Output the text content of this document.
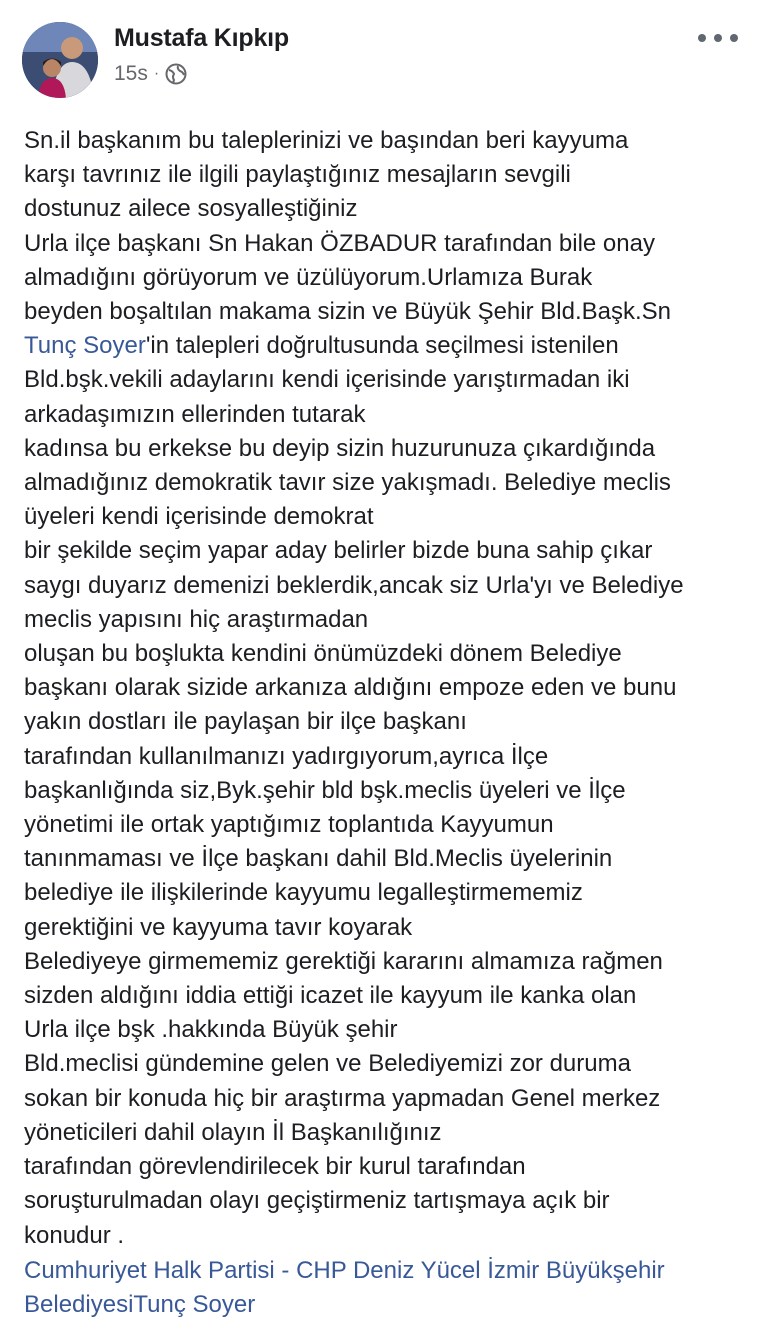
Mustafa Kıpkıp
15s ·
Sn.il başkanım bu taleplerinizi ve başından beri kayyuma
karşı tavrınız ile ilgili paylaştığınız mesajların sevgili
dostunuz ailece sosyalleştiğiniz
Urla ilçe başkanı Sn Hakan ÖZBADUR tarafından bile onay
almadığını görüyorum ve üzülüyorum.Urlamıza Burak
beyden boşaltılan makama sizin ve Büyük Şehir Bld.Başk.Sn
Tunç Soyer'in talepleri doğrultusunda seçilmesi istenilen
Bld.bşk.vekili adaylarını kendi içerisinde yarıştırmadan iki
arkadaşımızın ellerinden tutarak
kadınsa bu erkekse bu deyip sizin huzurunuza çıkardığında
almadığınız demokratik tavır size yakışmadı. Belediye meclis
üyeleri kendi içerisinde demokrat
bir şekilde seçim yapar aday belirler bizde buna sahip çıkar
saygı duyarız demenizi beklerdik,ancak siz Urla'yı ve Belediye
meclis yapısını hiç araştırmadan
oluşan bu boşlukta kendini önümüzdeki dönem Belediye
başkanı olarak sizide arkanıza aldığını empoze eden ve bunu
yakın dostları ile paylaşan bir ilçe başkanı
tarafından kullanılmanızı yadırgıyorum,ayrıca İlçe
başkanlığında siz,Byk.şehir bld bşk.meclis üyeleri ve İlçe
yönetimi ile ortak yaptığımız toplantıda Kayyumun
tanınmaması ve İlçe başkanı dahil Bld.Meclis üyelerinin
belediye ile ilişkilerinde kayyumu legalleştirmememiz
gerektiğini ve kayyuma tavır koyarak
Belediyeye girmememiz gerektiği kararını almamıza rağmen
sizden aldığını iddia ettiği icazet ile kayyum ile kanka olan
Urla ilçe bşk .hakkında Büyük şehir
Bld.meclisi gündemine gelen ve Belediyemizi zor duruma
sokan bir konuda hiç bir araştırma yapmadan Genel merkez
yöneticileri dahil olayın İl Başkanılığınız
tarafından görevlendirilecek bir kurul tarafından
soruşturulmadan olayı geçiştirmeniz tartışmaya açık bir
konudur .
Cumhuriyet Halk Partisi - CHP Deniz Yücel İzmir Büyükşehir
BelediyesiTunç Soyer
